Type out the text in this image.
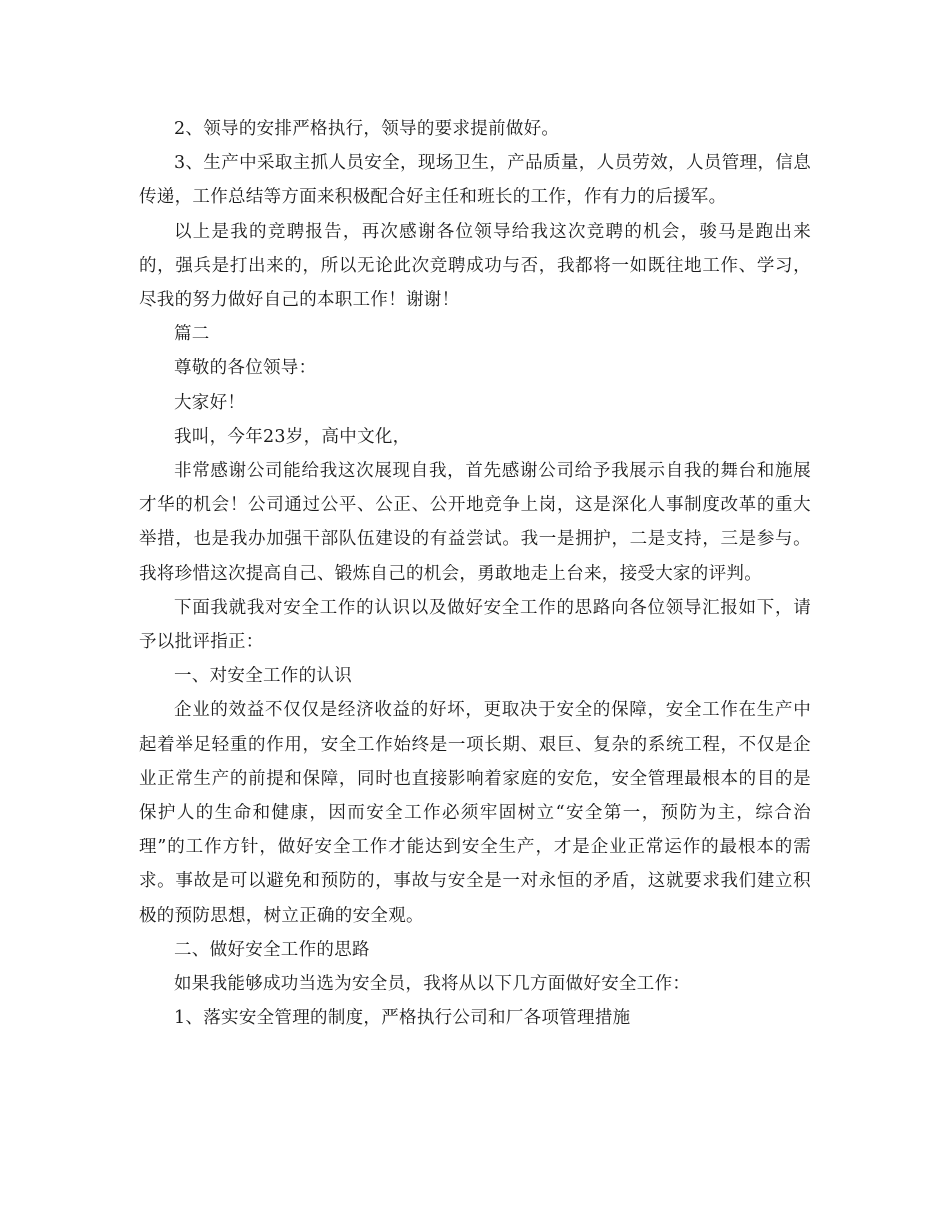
2、领导的安排严格执行，领导的要求提前做好。

3、生产中采取主抓人员安全，现场卫生，产品质量，人员劳效，人员管理，信息传递，工作总结等方面来积极配合好主任和班长的工作，作有力的后援军。

以上是我的竞聘报告，再次感谢各位领导给我这次竞聘的机会，骏马是跑出来的，强兵是打出来的，所以无论此次竞聘成功与否，我都将一如既往地工作、学习，尽我的努力做好自己的本职工作！谢谢！

篇二

尊敬的各位领导：

大家好！

我叫，今年23岁，高中文化，

非常感谢公司能给我这次展现自我，首先感谢公司给予我展示自我的舞台和施展才华的机会！公司通过公平、公正、公开地竞争上岗，这是深化人事制度改革的重大举措，也是我办加强干部队伍建设的有益尝试。我一是拥护，二是支持，三是参与。我将珍惜这次提高自己、锻炼自己的机会，勇敢地走上台来，接受大家的评判。

下面我就我对安全工作的认识以及做好安全工作的思路向各位领导汇报如下，请予以批评指正：

一、对安全工作的认识

企业的效益不仅仅是经济收益的好坏，更取决于安全的保障，安全工作在生产中起着举足轻重的作用，安全工作始终是一项长期、艰巨、复杂的系统工程，不仅是企业正常生产的前提和保障，同时也直接影响着家庭的安危，安全管理最根本的目的是保护人的生命和健康，因而安全工作必须牢固树立“安全第一，预防为主，综合治理”的工作方针，做好安全工作才能达到安全生产，才是企业正常运作的最根本的需求。事故是可以避免和预防的，事故与安全是一对永恒的矛盾，这就要求我们建立积极的预防思想，树立正确的安全观。

二、做好安全工作的思路

如果我能够成功当选为安全员，我将从以下几方面做好安全工作：

1、落实安全管理的制度，严格执行公司和厂各项管理措施
